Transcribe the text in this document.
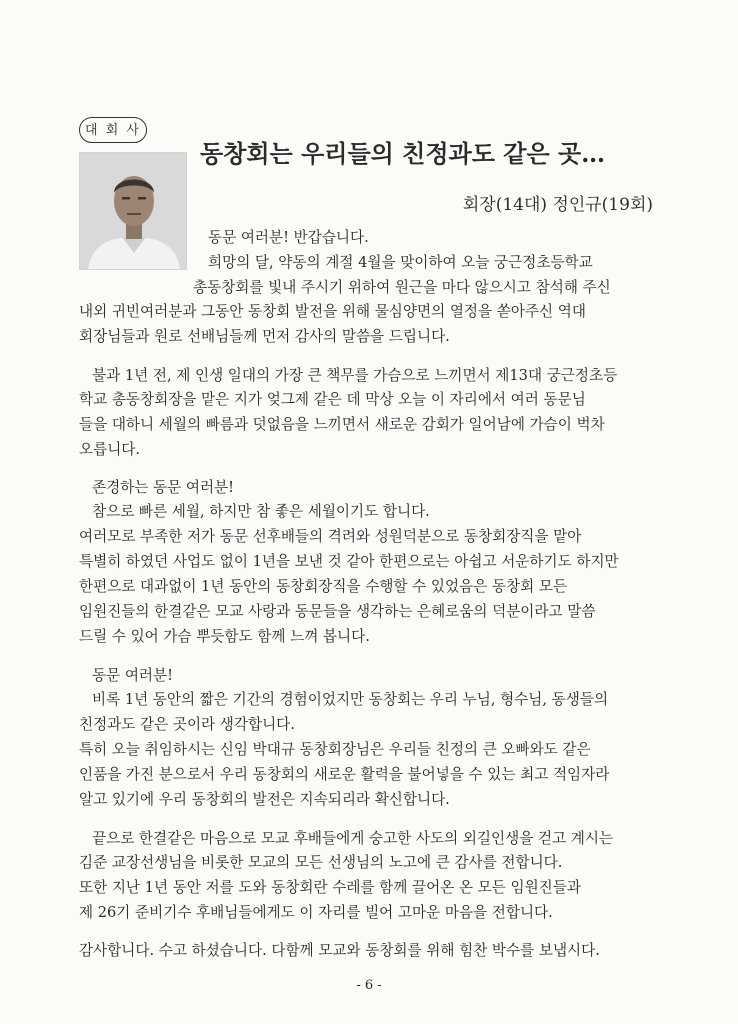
대 회 사
동창회는 우리들의 친정과도 같은 곳…
회장(14대) 정인규(19회)
동문 여러분! 반갑습니다.
희망의 달, 약동의 계절 4월을 맞이하여 오늘 궁근정초등학교
총동창회를 빛내 주시기 위하여 원근을 마다 않으시고 참석해 주신
내외 귀빈여러분과 그동안 동창회 발전을 위해 물심양면의 열정을 쏟아주신 역대
회장님들과 원로 선배님들께 먼저 감사의 말씀을 드립니다.
불과 1년 전, 제 인생 일대의 가장 큰 책무를 가슴으로 느끼면서 제13대 궁근정초등
학교 총동창회장을 맡은 지가 엊그제 같은 데 막상 오늘 이 자리에서 여러 동문님
들을 대하니 세월의 빠름과 덧없음을 느끼면서 새로운 감회가 일어남에 가슴이 벅차
오릅니다.
존경하는 동문 여러분!
참으로 빠른 세월, 하지만 참 좋은 세월이기도 합니다.
여러모로 부족한 저가 동문 선후배들의 격려와 성원덕분으로 동창회장직을 맡아
특별히 하였던 사업도 없이 1년을 보낸 것 같아 한편으로는 아쉽고 서운하기도 하지만
한편으로 대과없이 1년 동안의 동창회장직을 수행할 수 있었음은 동창회 모든
임원진들의 한결같은 모교 사랑과 동문들을 생각하는 은혜로움의 덕분이라고 말씀
드릴 수 있어 가슴 뿌듯함도 함께 느껴 봅니다.
동문 여러분!
비록 1년 동안의 짧은 기간의 경험이었지만 동창회는 우리 누님, 형수님, 동생들의
친정과도 같은 곳이라 생각합니다.
특히 오늘 취임하시는 신임 박대규 동창회장님은 우리들 친정의 큰 오빠와도 같은
인품을 가진 분으로서 우리 동창회의 새로운 활력을 불어넣을 수 있는 최고 적임자라
알고 있기에 우리 동창회의 발전은 지속되리라 확신합니다.
끝으로 한결같은 마음으로 모교 후배들에게 숭고한 사도의 외길인생을 걷고 계시는
김준 교장선생님을 비롯한 모교의 모든 선생님의 노고에 큰 감사를 전합니다.
또한 지난 1년 동안 저를 도와 동창회란 수레를 함께 끌어온 온 모든 임원진들과
제 26기 준비기수 후배님들에게도 이 자리를 빌어 고마운 마음을 전합니다.
감사합니다. 수고 하셨습니다. 다함께 모교와 동창회를 위해 힘찬 박수를 보냅시다.
- 6 -
